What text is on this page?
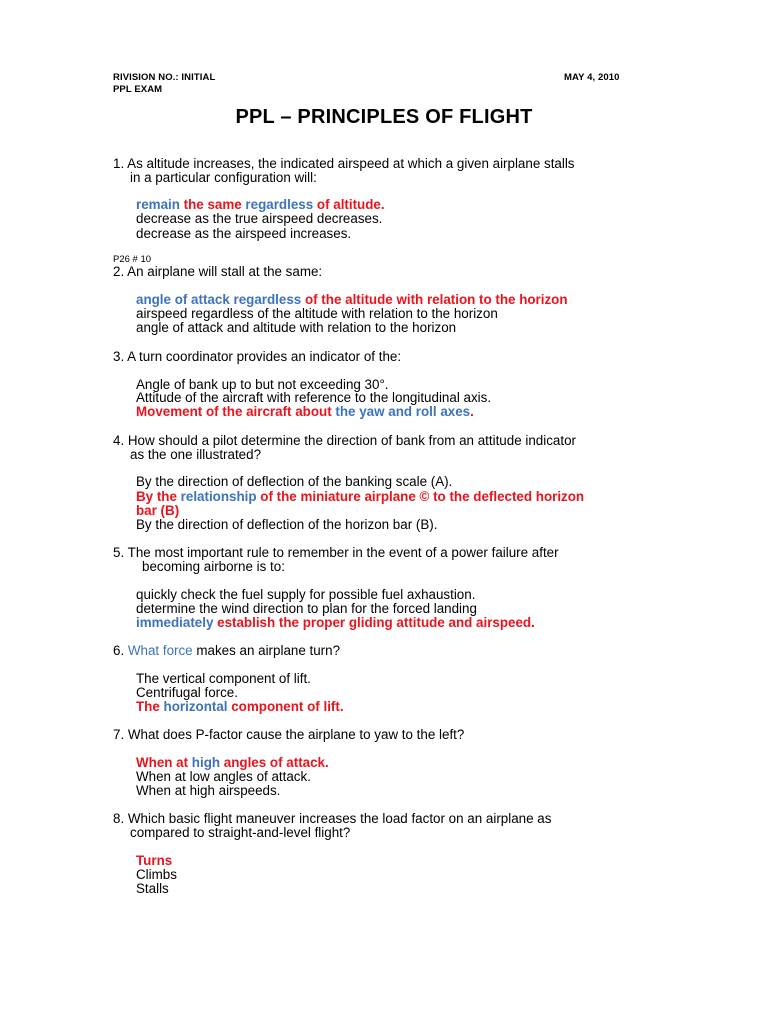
RIVISION NO.: INITIAL
PPL EXAM
MAY 4, 2010
PPL – PRINCIPLES OF FLIGHT
1. As altitude increases, the indicated airspeed at which a given airplane stalls
in a particular configuration will:
remain the same regardless of altitude.
decrease as the true airspeed decreases.
decrease as the airspeed increases.
P26 # 10
2. An airplane will stall at the same:
angle of attack regardless of the altitude with relation to the horizon
airspeed regardless of the altitude with relation to the horizon
angle of attack and altitude with relation to the horizon
3. A turn coordinator provides an indicator of the:
Angle of bank up to but not exceeding 30°.
Attitude of the aircraft with reference to the longitudinal axis.
Movement of the aircraft about the yaw and roll axes.
4. How should a pilot determine the direction of bank from an attitude indicator
as the one illustrated?
By the direction of deflection of the banking scale (A).
By the relationship of the miniature airplane © to the deflected horizon
bar (B)
By the direction of deflection of the horizon bar (B).
5. The most important rule to remember in the event of a power failure after
becoming airborne is to:
quickly check the fuel supply for possible fuel axhaustion.
determine the wind direction to plan for the forced landing
immediately establish the proper gliding attitude and airspeed.
6. What force makes an airplane turn?
The vertical component of lift.
Centrifugal force.
The horizontal component of lift.
7. What does P-factor cause the airplane to yaw to the left?
When at high angles of attack.
When at low angles of attack.
When at high airspeeds.
8. Which basic flight maneuver increases the load factor on an airplane as
compared to straight-and-level flight?
Turns
Climbs
Stalls
